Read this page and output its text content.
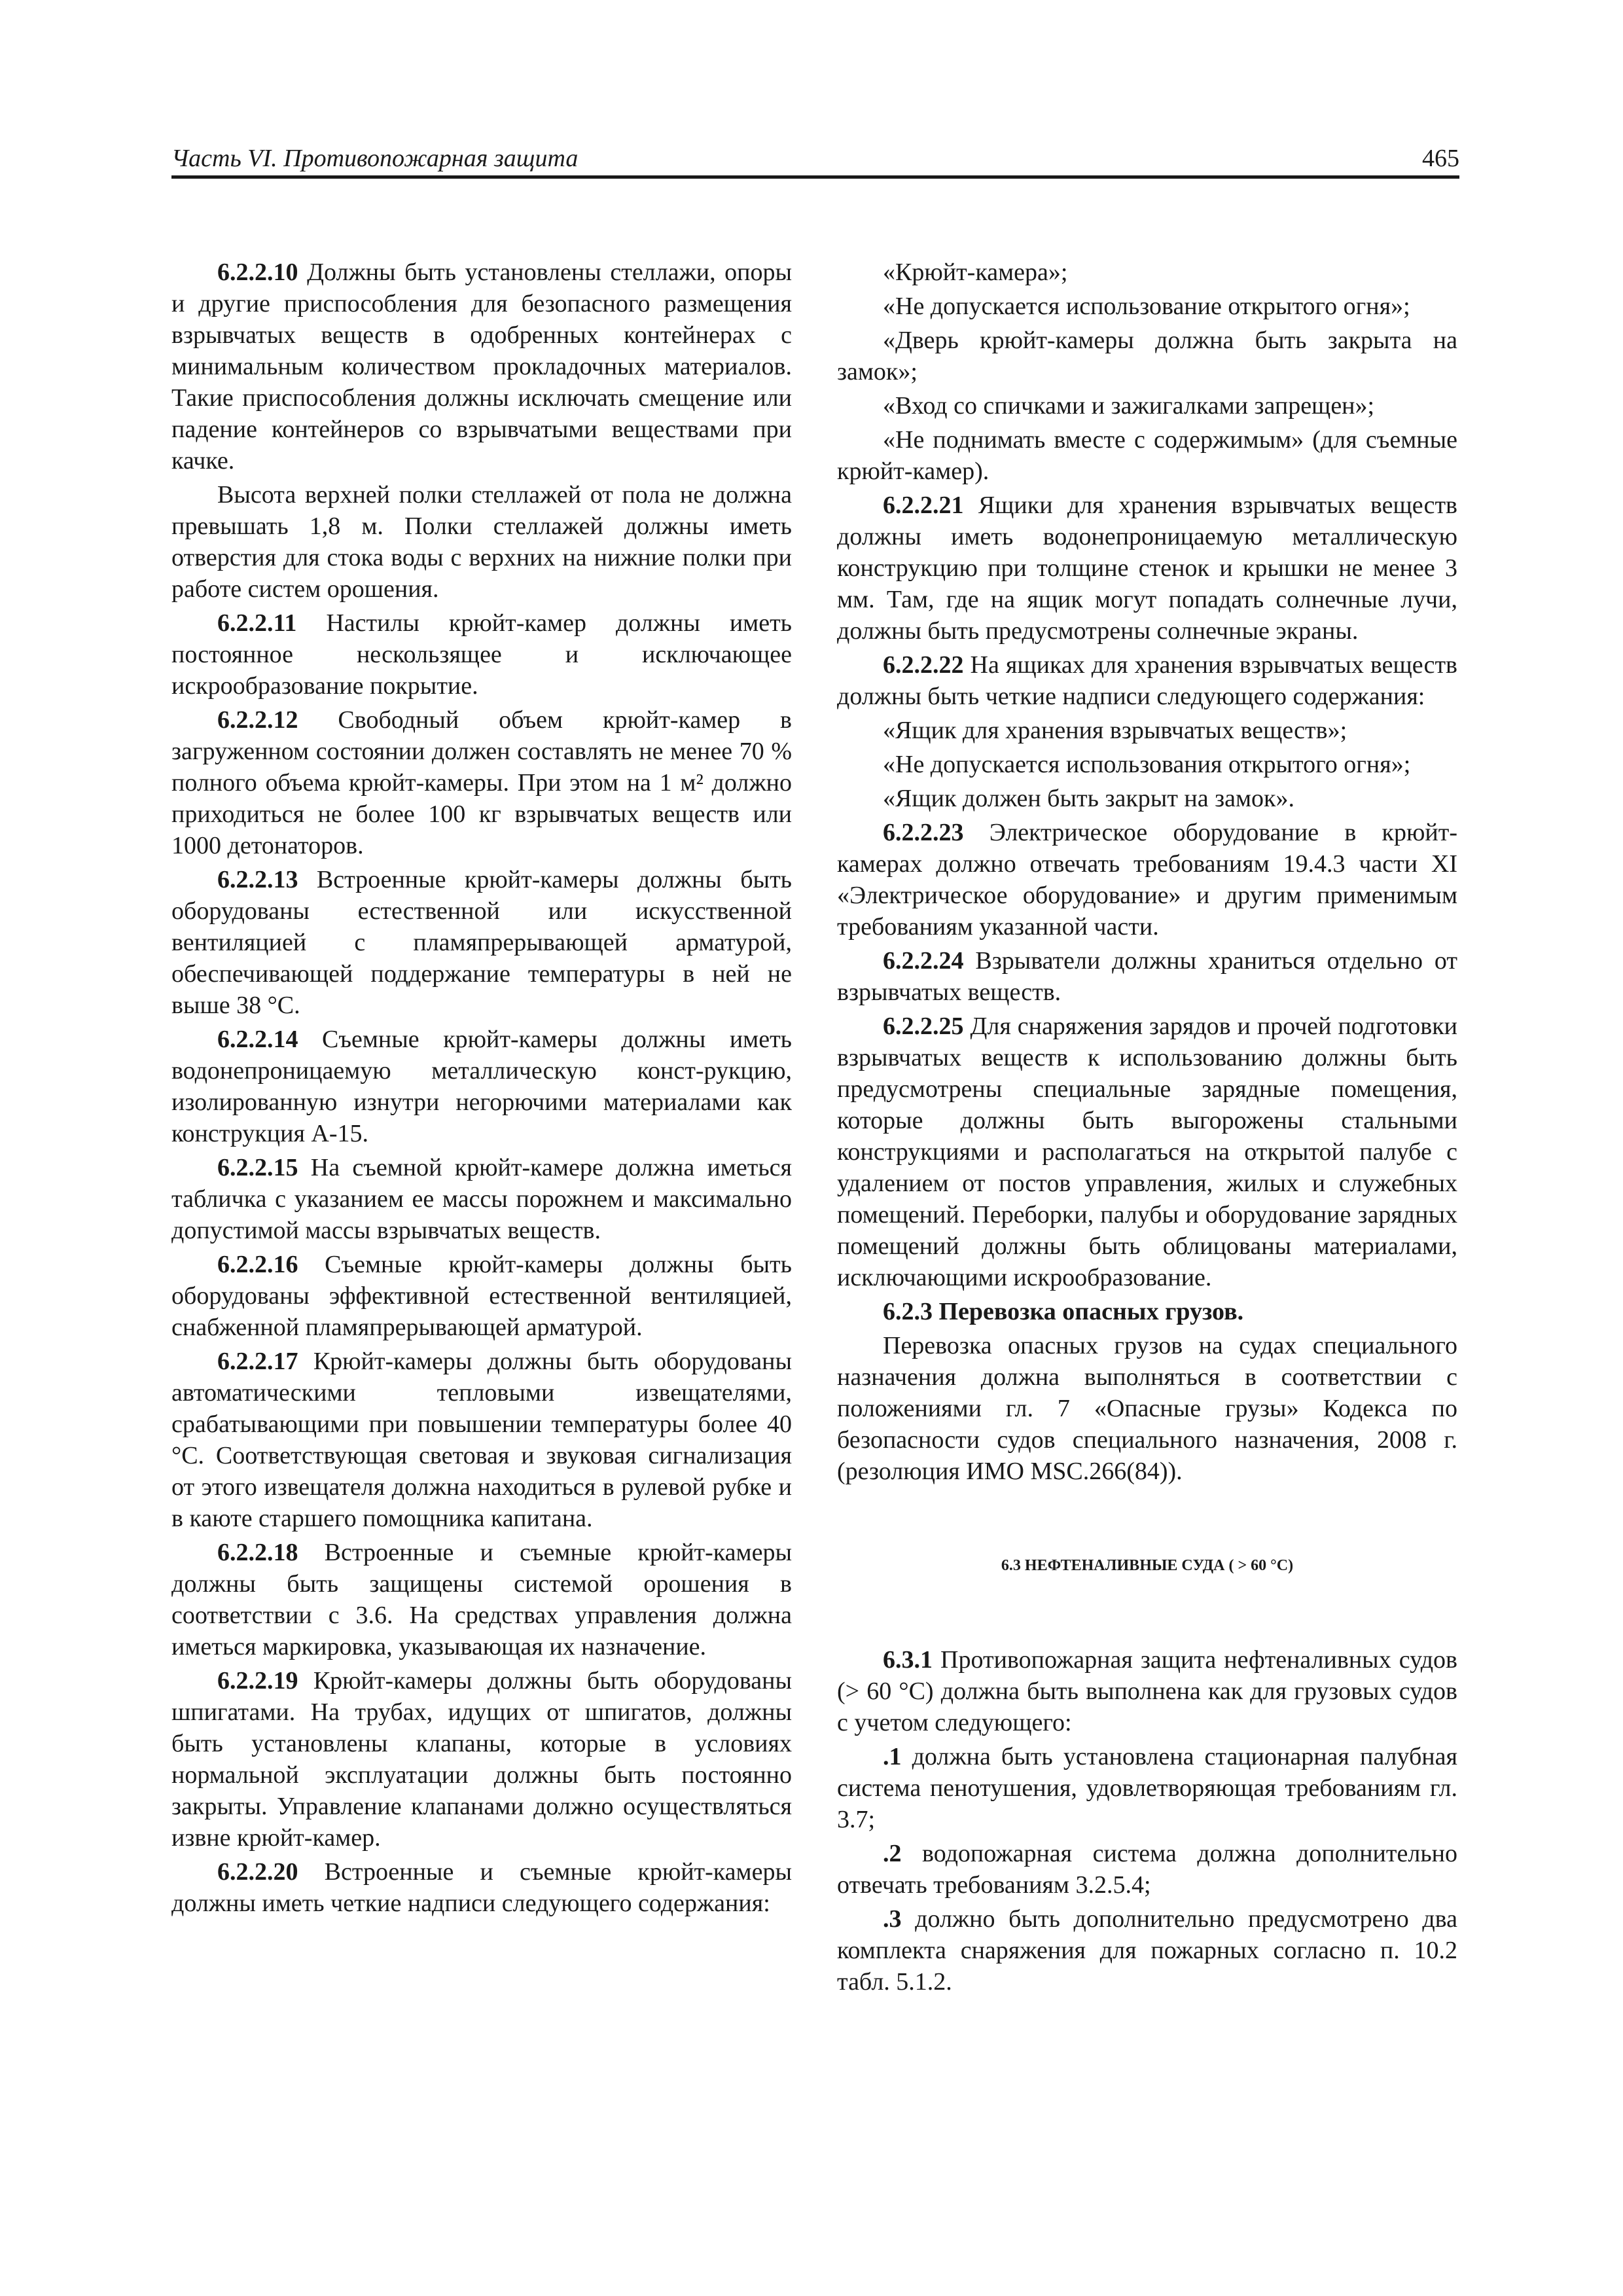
Часть VI. Противопожарная защита	465

6.2.2.10 Должны быть установлены стеллажи, опоры и другие приспособления для безопасного размещения взрывчатых веществ в одобренных контейнерах с минимальным количеством прокладочных материалов. Такие приспособления должны исключать смещение или падение контейнеров со взрывчатыми веществами при качке.

Высота верхней полки стеллажей от пола не должна превышать 1,8 м. Полки стеллажей должны иметь отверстия для стока воды с верхних на нижние полки при работе систем орошения.

6.2.2.11 Настилы крюйт-камер должны иметь постоянное нескользящее и исключающее искрообразование покрытие.

6.2.2.12 Свободный объем крюйт-камер в загруженном состоянии должен составлять не менее 70 % полного объема крюйт-камеры. При этом на 1 м² должно приходиться не более 100 кг взрывчатых веществ или 1000 детонаторов.

6.2.2.13 Встроенные крюйт-камеры должны быть оборудованы естественной или искусственной вентиляцией с пламяпрерывающей арматурой, обеспечивающей поддержание температуры в ней не выше 38 °С.

6.2.2.14 Съемные крюйт-камеры должны иметь водонепроницаемую металлическую конст-рукцию, изолированную изнутри негорючими материалами как конструкция А-15.

6.2.2.15 На съемной крюйт-камере должна иметься табличка с указанием ее массы порожнем и максимально допустимой массы взрывчатых веществ.

6.2.2.16 Съемные крюйт-камеры должны быть оборудованы эффективной естественной вентиляцией, снабженной пламяпрерывающей арматурой.

6.2.2.17 Крюйт-камеры должны быть оборудованы автоматическими тепловыми извещателями, срабатывающими при повышении температуры более 40 °С. Соответствующая световая и звуковая сигнализация от этого извещателя должна находиться в рулевой рубке и в каюте старшего помощника капитана.

6.2.2.18 Встроенные и съемные крюйт-камеры должны быть защищены системой орошения в соответствии с 3.6. На средствах управления должна иметься маркировка, указывающая их назначение.

6.2.2.19 Крюйт-камеры должны быть оборудованы шпигатами. На трубах, идущих от шпигатов, должны быть установлены клапаны, которые в условиях нормальной эксплуатации должны быть постоянно закрыты. Управление клапанами должно осуществляться извне крюйт-камер.

6.2.2.20 Встроенные и съемные крюйт-камеры должны иметь четкие надписи следующего содержания:

«Крюйт-камера»;

«Не допускается использование открытого огня»;

«Дверь крюйт-камеры должна быть закрыта на замок»;

«Вход со спичками и зажигалками запрещен»;

«Не поднимать вместе с содержимым» (для съемные крюйт-камер).

6.2.2.21 Ящики для хранения взрывчатых веществ должны иметь водонепроницаемую металлическую конструкцию при толщине стенок и крышки не менее 3 мм. Там, где на ящик могут попадать солнечные лучи, должны быть предусмотрены солнечные экраны.

6.2.2.22 На ящиках для хранения взрывчатых веществ должны быть четкие надписи следующего содержания:

«Ящик для хранения взрывчатых веществ»;

«Не допускается использования открытого огня»;

«Ящик должен быть закрыт на замок».

6.2.2.23 Электрическое оборудование в крюйт-камерах должно отвечать требованиям 19.4.3 части XI «Электрическое оборудование» и другим применимым требованиям указанной части.

6.2.2.24 Взрыватели должны храниться отдельно от взрывчатых веществ.

6.2.2.25 Для снаряжения зарядов и прочей подготовки взрывчатых веществ к использованию должны быть предусмотрены специальные зарядные помещения, которые должны быть выгорожены стальными конструкциями и располагаться на открытой палубе с удалением от постов управления, жилых и служебных помещений. Переборки, палубы и оборудование зарядных помещений должны быть облицованы материалами, исключающими искрообразование.

6.2.3 Перевозка опасных грузов.

Перевозка опасных грузов на судах специального назначения должна выполняться в соответствии с положениями гл. 7 «Опасные грузы» Кодекса по безопасности судов специального назначения, 2008 г. (резолюция ИМО MSC.266(84)).

6.3 НЕФТЕНАЛИВНЫЕ СУДА ( > 60 °С)

6.3.1 Противопожарная защита нефтеналивных судов (> 60 °С) должна быть выполнена как для грузовых судов с учетом следующего:

.1 должна быть установлена стационарная палубная система пенотушения, удовлетворяющая требованиям гл. 3.7;

.2 водопожарная система должна дополнительно отвечать требованиям 3.2.5.4;

.3 должно быть дополнительно предусмотрено два комплекта снаряжения для пожарных согласно п. 10.2 табл. 5.1.2.
